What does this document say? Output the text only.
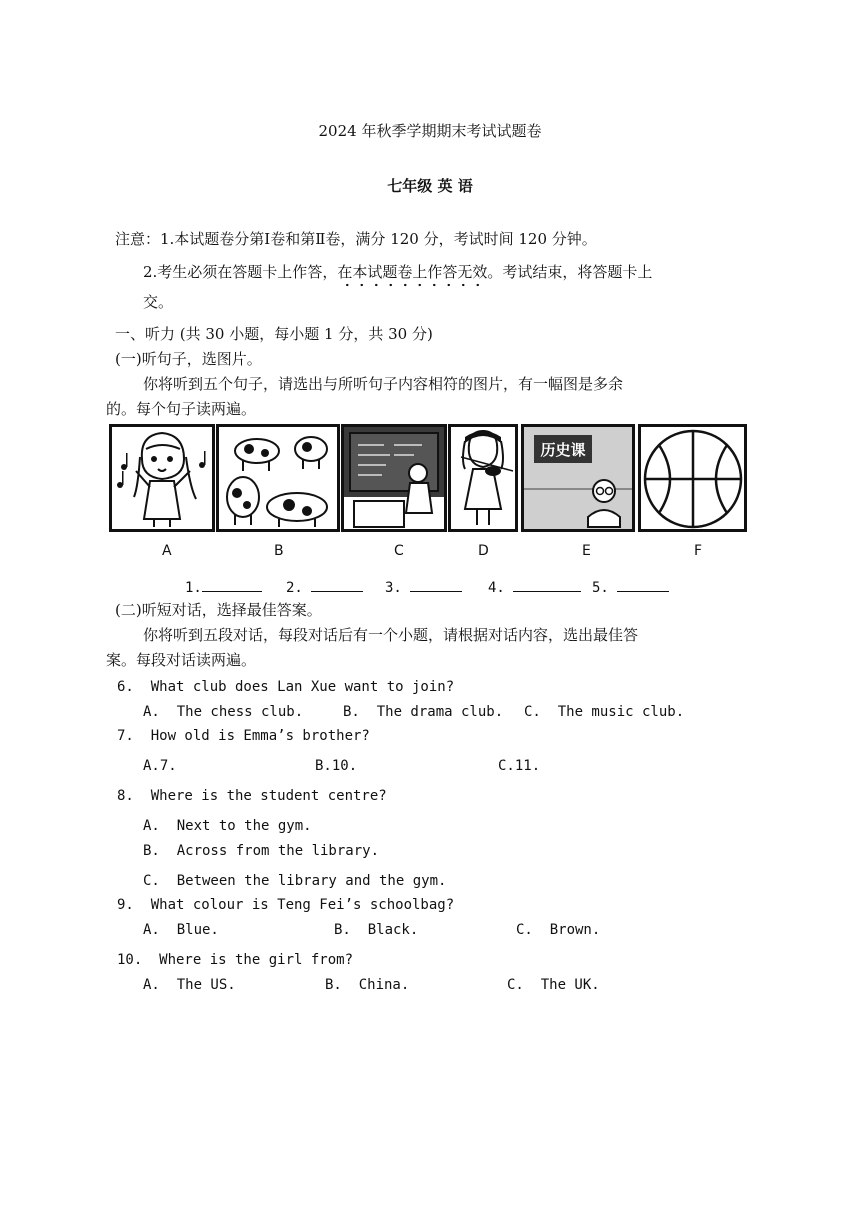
2024 年秋季学期期末考试试题卷
七年级 英 语
注意：1.本试题卷分第Ⅰ卷和第Ⅱ卷，满分 120 分，考试时间 120 分钟。
2.考生必须在答题卡上作答，在本试题卷上作答无效。考试结束，将答题卡上
交。
一、听力 (共 30 小题，每小题 1 分，共 30 分)
(一)听句子，选图片。
你将听到五个句子，请选出与所听句子内容相符的图片，有一幅图是多余
的。每个句子读两遍。
历史课
A	B	C	D	E	F
1.	2.	3.	4.	5.
(二)听短对话，选择最佳答案。
你将听到五段对话，每段对话后有一个小题，请根据对话内容，选出最佳答
案。每段对话读两遍。
6.  What club does Lan Xue want to join?
A.  The chess club.	B.  The drama club. C.  The music club.
7.  How old is Emma’s brother?
A.7.	B.10.	C.11.
8.  Where is the student centre?
A.  Next to the gym.
B.  Across from the library.
C.  Between the library and the gym.
9.  What colour is Teng Fei’s schoolbag?
A.  Blue.	B.  Black.	C.  Brown.
10.  Where is the girl from?
A.  The US.	B.  China.	C.  The UK.
